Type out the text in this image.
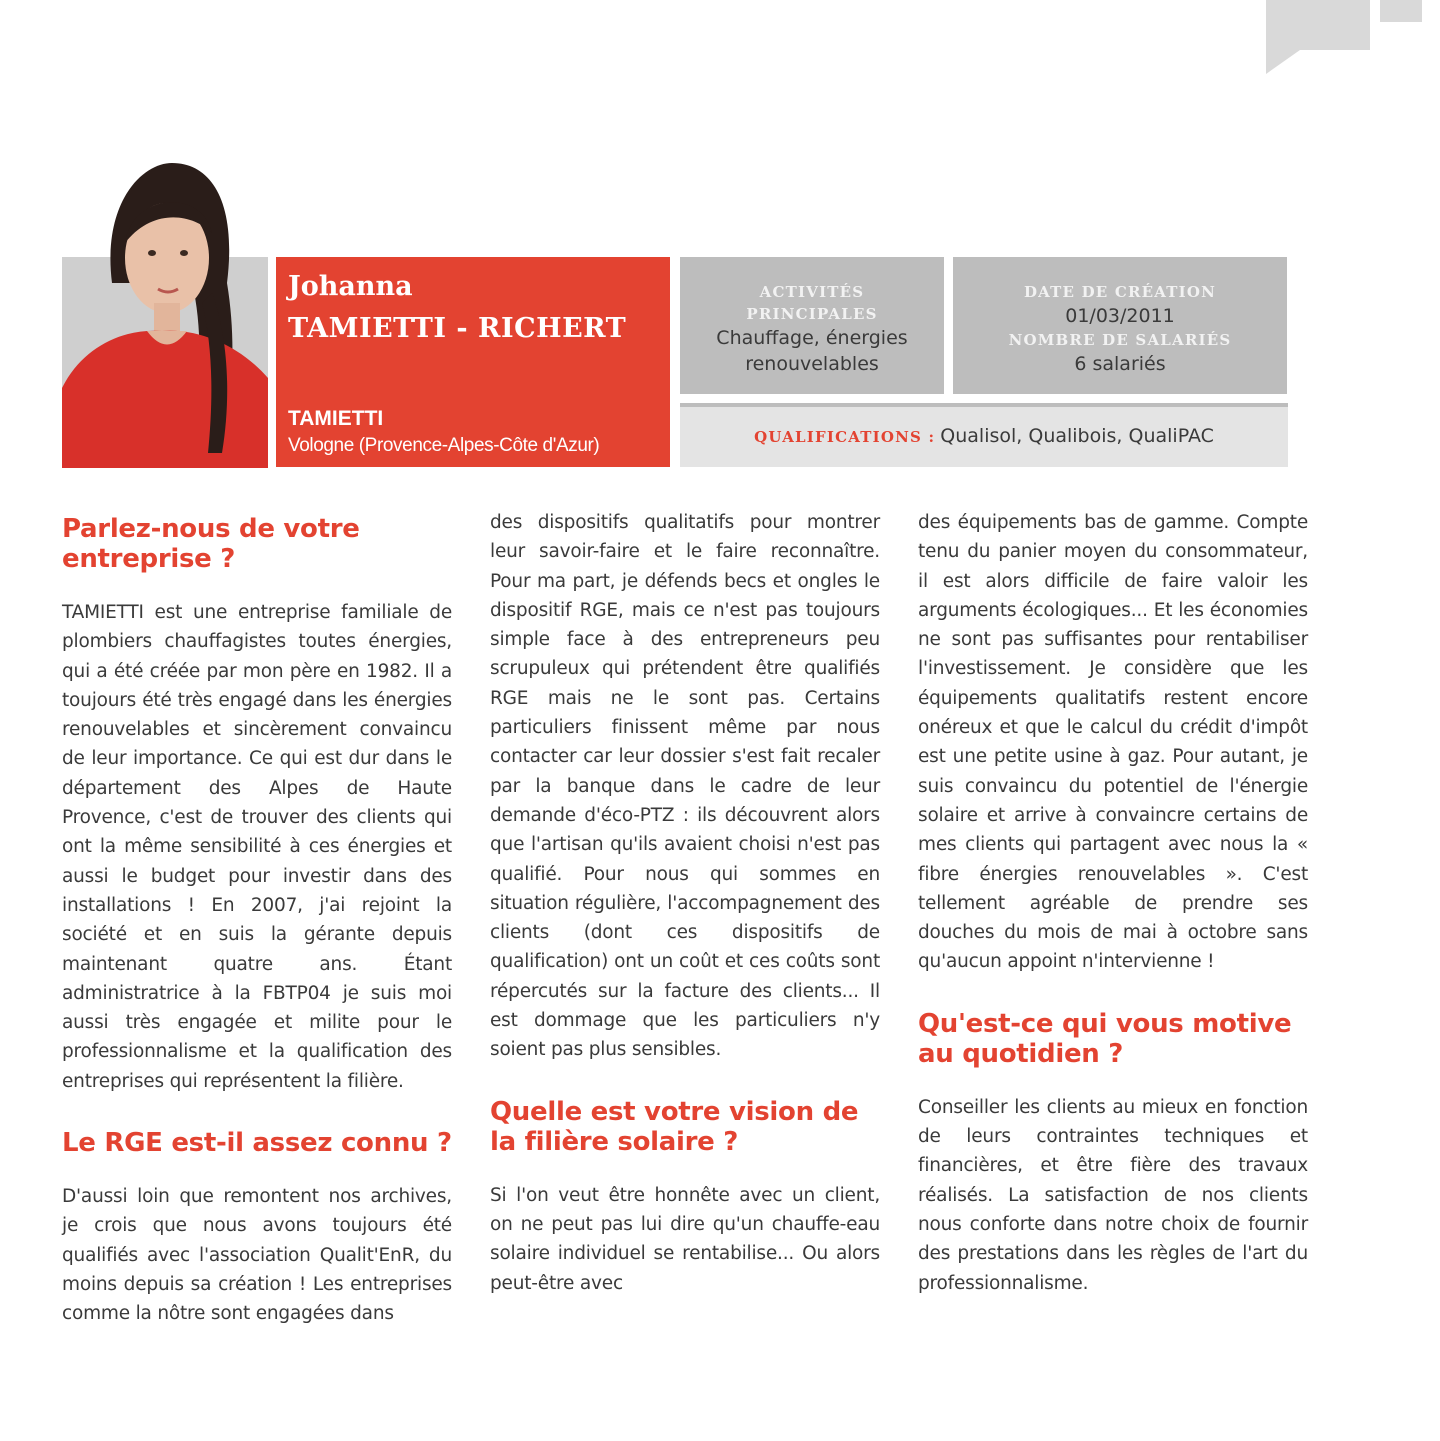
Johanna
TAMIETTI - RICHERT
TAMIETTI
Vologne (Provence-Alpes-Côte d'Azur)
ACTIVITÉS
PRINCIPALES
Chauffage, énergies
renouvelables
DATE DE CRÉATION
01/03/2011
NOMBRE DE SALARIÉS
6 salariés
QUALIFICATIONS : Qualisol, Qualibois, QualiPAC
Parlez-nous de votre entreprise ?

TAMIETTI est une entreprise familiale de plombiers chauffagistes toutes énergies, qui a été créée par mon père en 1982. Il a toujours été très engagé dans les énergies renouvelables et sincèrement convaincu de leur importance. Ce qui est dur dans le département des Alpes de Haute Provence, c'est de trouver des clients qui ont la même sensibilité à ces énergies et aussi le budget pour investir dans des installations ! En 2007, j'ai rejoint la société et en suis la gérante depuis maintenant quatre ans. Étant administratrice à la FBTP04 je suis moi aussi très engagée et milite pour le professionnalisme et la qualification des entreprises qui représentent la filière.

Le RGE est-il assez connu ?

D'aussi loin que remontent nos archives, je crois que nous avons toujours été qualifiés avec l'association Qualit'EnR, du moins depuis sa création ! Les entreprises comme la nôtre sont engagées dans

des dispositifs qualitatifs pour montrer leur savoir-faire et le faire reconnaître. Pour ma part, je défends becs et ongles le dispositif RGE, mais ce n'est pas toujours simple face à des entrepreneurs peu scrupuleux qui prétendent être qualifiés RGE mais ne le sont pas. Certains particuliers finissent même par nous contacter car leur dossier s'est fait recaler par la banque dans le cadre de leur demande d'éco-PTZ : ils découvrent alors que l'artisan qu'ils avaient choisi n'est pas qualifié. Pour nous qui sommes en situation régulière, l'accompagnement des clients (dont ces dispositifs de qualification) ont un coût et ces coûts sont répercutés sur la facture des clients... Il est dommage que les particuliers n'y soient pas plus sensibles.

Quelle est votre vision de la filière solaire ?

Si l'on veut être honnête avec un client, on ne peut pas lui dire qu'un chauffe-eau solaire individuel se rentabilise... Ou alors peut-être avec

des équipements bas de gamme. Compte tenu du panier moyen du consommateur, il est alors difficile de faire valoir les arguments écologiques... Et les économies ne sont pas suffisantes pour rentabiliser l'investissement. Je considère que les équipements qualitatifs restent encore onéreux et que le calcul du crédit d'impôt est une petite usine à gaz. Pour autant, je suis convaincu du potentiel de l'énergie solaire et arrive à convaincre certains de mes clients qui partagent avec nous la « fibre énergies renouvelables ». C'est tellement agréable de prendre ses douches du mois de mai à octobre sans qu'aucun appoint n'intervienne !

Qu'est-ce qui vous motive au quotidien ?

Conseiller les clients au mieux en fonction de leurs contraintes techniques et financières, et être fière des travaux réalisés. La satisfaction de nos clients nous conforte dans notre choix de fournir des prestations dans les règles de l'art du professionnalisme.
